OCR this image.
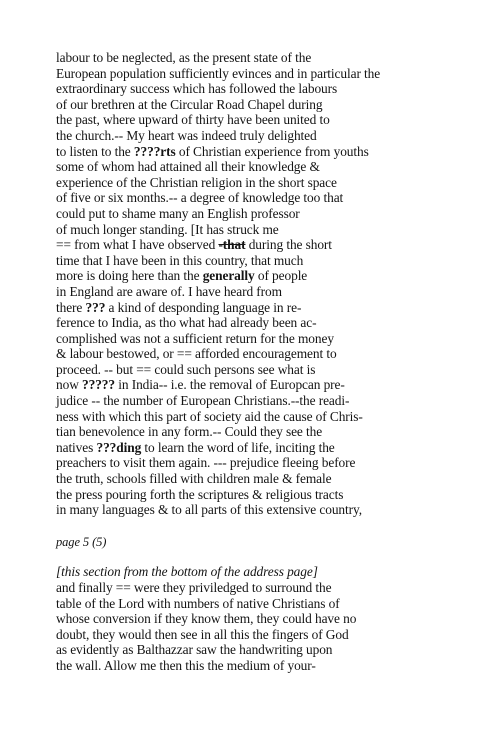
labour to be neglected, as the present state of the
European population sufficiently evinces and in particular the
extraordinary success which has followed the labours
of our brethren at the Circular Road Chapel during
the past, where upward of thirty have been united to
the church.-- My heart was indeed truly delighted
to listen to the ????rts of Christian experience from youths
some of whom had attained all their knowledge &
experience of the Christian religion in the short space
of five or six months.-- a degree of knowledge too that
could put to shame many an English professor
of much longer standing. [It has struck me
== from what I have observed -that during the short
time that I have been in this country, that much
more is doing here than the generally of people
in England are aware of. I have heard from
there ??? a kind of desponding language in re-
ference to India, as tho what had already been ac-
complished was not a sufficient return for the money
& labour bestowed, or == afforded encouragement to
proceed. -- but == could such persons see what is
now ????? in India-- i.e. the removal of Europcan pre-
judice -- the number of European Christians.--the readi-
ness with which this part of society aid the cause of Chris-
tian benevolence in any form.-- Could they see the
natives ???ding to learn the word of life, inciting the
preachers to visit them again. --- prejudice fleeing before
the truth, schools filled with children male & female
the press pouring forth the scriptures & religious tracts
in many languages & to all parts of this extensive country,
page 5 (5)
[this section from the bottom of the address page]
and finally == were they priviledged to surround the
table of the Lord with numbers of native Christians of
whose conversion if they know them, they could have no
doubt, they would then see in all this the fingers of God
as evidently as Balthazzar saw the handwriting upon
the wall. Allow me then this the medium of your-
